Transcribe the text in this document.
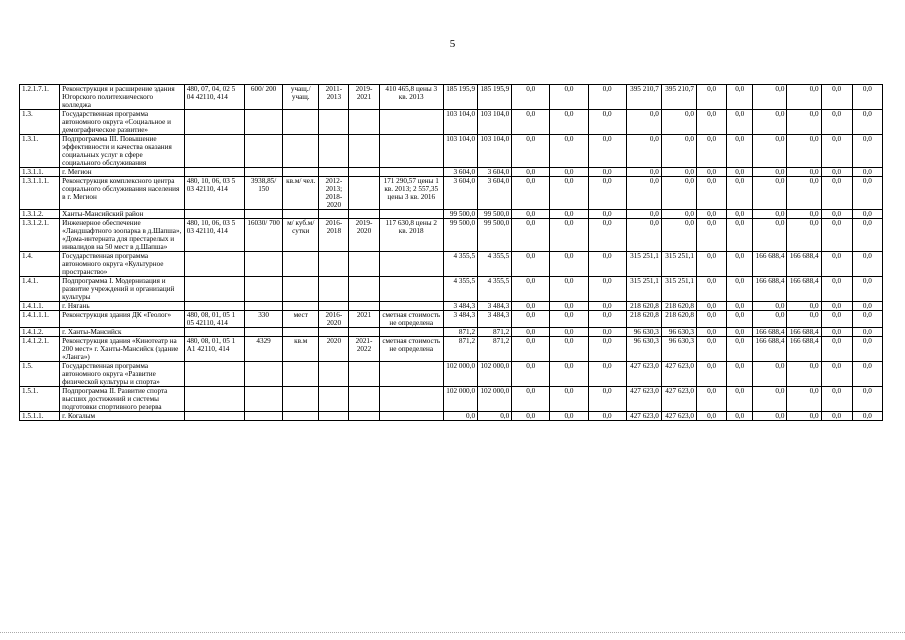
5
1.2.1.7.1.	Реконструкция и расширение здания Югорского политехнического колледжа	480, 07, 04, 02 5 04 42110, 414	600/ 200	учащ./ учащ.	2011- 2013	2019- 2021	410 465,8 цены 3 кв. 2013	185 195,9	185 195,9	0,0	0,0	0,0	395 210,7	395 210,7	0,0	0,0	0,0	0,0	0,0	0,0
1.3.	Государственная программа автономного округа «Социальное и демографическое развитие»							103 104,0	103 104,0	0,0	0,0	0,0	0,0	0,0	0,0	0,0	0,0	0,0	0,0	0,0
1.3.1.	Подпрограмма III. Повышение эффективности и качества оказания социальных услуг в сфере социального обслуживания							103 104,0	103 104,0	0,0	0,0	0,0	0,0	0,0	0,0	0,0	0,0	0,0	0,0	0,0
1.3.1.1.	г. Мегион							3 604,0	3 604,0	0,0	0,0	0,0	0,0	0,0	0,0	0,0	0,0	0,0	0,0	0,0
1.3.1.1.1.	Реконструкция комплексного центра социального обслуживания населения в г. Мегион	480, 10, 06, 03 5 03 42110, 414	3938,85/ 150	кв.м/ чел.	2012- 2013; 2018- 2020		171 290,57 цены 1 кв. 2013; 2 557,35 цены 3 кв. 2016	3 604,0	3 604,0	0,0	0,0	0,0	0,0	0,0	0,0	0,0	0,0	0,0	0,0	0,0
1.3.1.2.	Ханты-Мансийский район							99 500,0	99 500,0	0,0	0,0	0,0	0,0	0,0	0,0	0,0	0,0	0,0	0,0	0,0
1.3.1.2.1.	Инженерное обеспечение «Ландшафтного зоопарка в д.Шапша», «Дома-интерната для престарелых и инвалидов на 50 мест в д.Шапша»	480, 10, 06, 03 5 03 42110, 414	16030/ 700	м/ куб.м/ сутки	2016- 2018	2019- 2020	117 630,8 цены 2 кв. 2018	99 500,0	99 500,0	0,0	0,0	0,0	0,0	0,0	0,0	0,0	0,0	0,0	0,0	0,0
1.4.	Государственная программа автономного округа «Культурное пространство»							4 355,5	4 355,5	0,0	0,0	0,0	315 251,1	315 251,1	0,0	0,0	166 688,4	166 688,4	0,0	0,0
1.4.1.	Подпрограмма I. Модернизация и развитие учреждений и организаций культуры							4 355,5	4 355,5	0,0	0,0	0,0	315 251,1	315 251,1	0,0	0,0	166 688,4	166 688,4	0,0	0,0
1.4.1.1.	г. Нягань							3 484,3	3 484,3	0,0	0,0	0,0	218 620,8	218 620,8	0,0	0,0	0,0	0,0	0,0	0,0
1.4.1.1.1.	Реконструкция здания ДК «Геолог»	480, 08, 01, 05 1 05 42110, 414	330	мест	2016- 2020	2021	сметная стоимость не определена	3 484,3	3 484,3	0,0	0,0	0,0	218 620,8	218 620,8	0,0	0,0	0,0	0,0	0,0	0,0
1.4.1.2.	г. Ханты-Мансийск							871,2	871,2	0,0	0,0	0,0	96 630,3	96 630,3	0,0	0,0	166 688,4	166 688,4	0,0	0,0
1.4.1.2.1.	Реконструкция здания «Кинотеатр на 200 мест» г. Ханты-Мансийск (здание «Ланга»)	480, 08, 01, 05 1 A1 42110, 414	4329	кв.м	2020	2021- 2022	сметная стоимость не определена	871,2	871,2	0,0	0,0	0,0	96 630,3	96 630,3	0,0	0,0	166 688,4	166 688,4	0,0	0,0
1.5.	Государственная программа автономного округа «Развитие физической культуры и спорта»							102 000,0	102 000,0	0,0	0,0	0,0	427 623,0	427 623,0	0,0	0,0	0,0	0,0	0,0	0,0
1.5.1.	Подпрограмма II. Развитие спорта высших достижений и системы подготовки спортивного резерва							102 000,0	102 000,0	0,0	0,0	0,0	427 623,0	427 623,0	0,0	0,0	0,0	0,0	0,0	0,0
1.5.1.1.	г. Когалым							0,0	0,0	0,0	0,0	0,0	427 623,0	427 623,0	0,0	0,0	0,0	0,0	0,0	0,0
